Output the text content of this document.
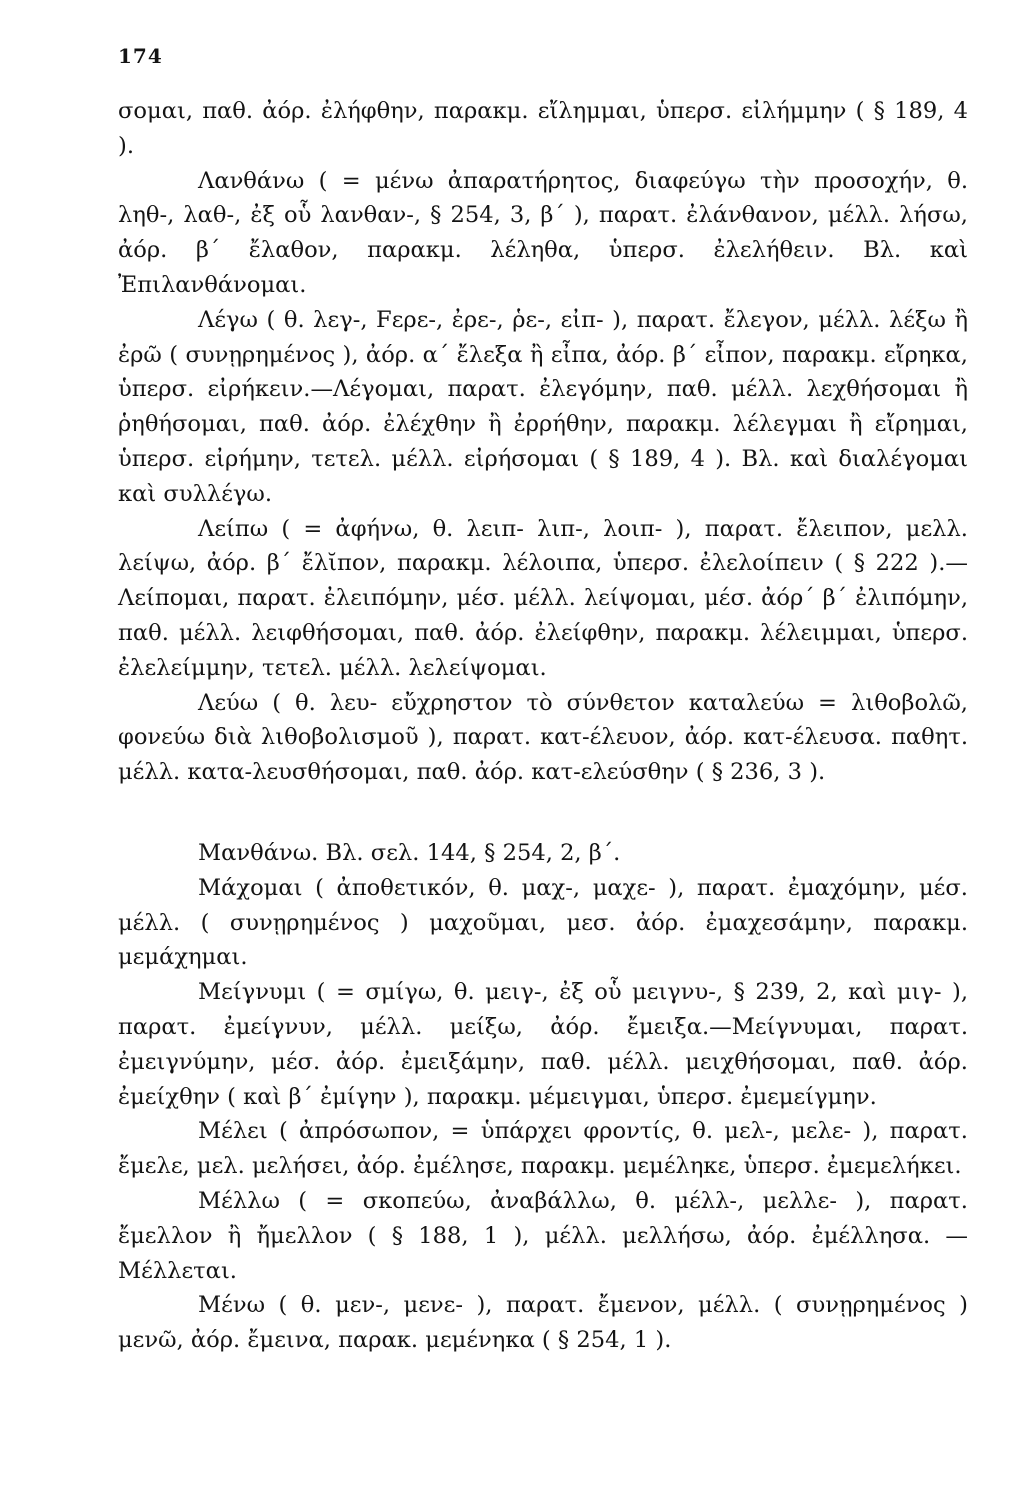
174

σομαι, παθ. ἀόρ. ἐλήφθην, παρακμ. εἴλημμαι, ὑπερσ. εἰλήμμην ( § 189, 4 ).

Λανθάνω ( = μένω ἀπαρατήρητος, διαφεύγω τὴν προσοχήν, θ. ληθ-, λαθ-, ἐξ οὗ λανθαν-, § 254, 3, β΄ ), παρατ. ἐλάνθανον, μέλλ. λήσω, ἀόρ. β΄ ἔλαθον, παρακμ. λέληθα, ὑπερσ. ἐλελήθειν. Βλ. καὶ Ἐπιλανθάνομαι.

Λέγω ( θ. λεγ-, Fερε-, ἐρε-, ῥε-, εἰπ- ), παρατ. ἔλεγον, μέλλ. λέξω ἢ ἐρῶ ( συνῃρημένος ), ἀόρ. α΄ ἔλεξα ἢ εἶπα, ἀόρ. β΄ εἶπον, παρακμ. εἴρηκα, ὑπερσ. εἰρήκειν.—Λέγομαι, παρατ. ἐλεγόμην, παθ. μέλλ. λεχθήσομαι ἢ ῥηθήσομαι, παθ. ἀόρ. ἐλέχθην ἢ ἐρρήθην, παρακμ. λέλεγμαι ἢ εἴρημαι, ὑπερσ. εἰρήμην, τετελ. μέλλ. εἰρήσομαι ( § 189, 4 ). Βλ. καὶ διαλέγομαι καὶ συλλέγω.

Λείπω ( = ἀφήνω, θ. λειπ- λιπ-, λοιπ- ), παρατ. ἔλειπον, μελλ. λείψω, ἀόρ. β΄ ἔλῐπον, παρακμ. λέλοιπα, ὑπερσ. ἐλελοίπειν ( § 222 ).— Λείπομαι, παρατ. ἐλειπόμην, μέσ. μέλλ. λείψομαι, μέσ. ἀόρ΄ β΄ ἐλιπόμην, παθ. μέλλ. λειφθήσομαι, παθ. ἀόρ. ἐλείφθην, παρακμ. λέλειμμαι, ὑπερσ. ἐλελείμμην, τετελ. μέλλ. λελείψομαι.

Λεύω ( θ. λευ- εὔχρηστον τὸ σύνθετον καταλεύω = λιθοβολῶ, φονεύω διὰ λιθοβολισμοῦ ), παρατ. κατ-έλευον, ἀόρ. κατ-έλευσα. παθητ. μέλλ. κατα-λευσθήσομαι, παθ. ἀόρ. κατ-ελεύσθην ( § 236, 3 ).

Μανθάνω. Βλ. σελ. 144, § 254, 2, β΄.

Μάχομαι ( ἀποθετικόν, θ. μαχ-, μαχε- ), παρατ. ἐμαχόμην, μέσ. μέλλ. ( συνῃρημένος ) μαχοῦμαι, μεσ. ἀόρ. ἐμαχεσάμην, παρακμ. μεμάχημαι.

Μείγνυμι ( = σμίγω, θ. μειγ-, ἐξ οὗ μειγνυ-, § 239, 2, καὶ μιγ- ), παρατ. ἐμείγνυν, μέλλ. μείξω, ἀόρ. ἔμειξα.—Μείγνυμαι, παρατ. ἐμειγνύμην, μέσ. ἀόρ. ἐμειξάμην, παθ. μέλλ. μειχθήσομαι, παθ. ἀόρ. ἐμείχθην ( καὶ β΄ ἐμίγην ), παρακμ. μέμειγμαι, ὑπερσ. ἐμεμείγμην.

Μέλει ( ἀπρόσωπον, = ὑπάρχει φροντίς, θ. μελ-, μελε- ), παρατ. ἔμελε, μελ. μελήσει, ἀόρ. ἐμέλησε, παρακμ. μεμέληκε, ὑπερσ. ἐμεμελήκει.

Μέλλω ( = σκοπεύω, ἀναβάλλω, θ. μέλλ-, μελλε- ), παρατ. ἔμελλον ἢ ἤμελλον ( § 188, 1 ), μέλλ. μελλήσω, ἀόρ. ἐμέλλησα. — Μέλλεται.

Μένω ( θ. μεν-, μενε- ), παρατ. ἔμενον, μέλλ. ( συνῃρημένος ) μενῶ, ἀόρ. ἔμεινα, παρακ. μεμένηκα ( § 254, 1 ).
